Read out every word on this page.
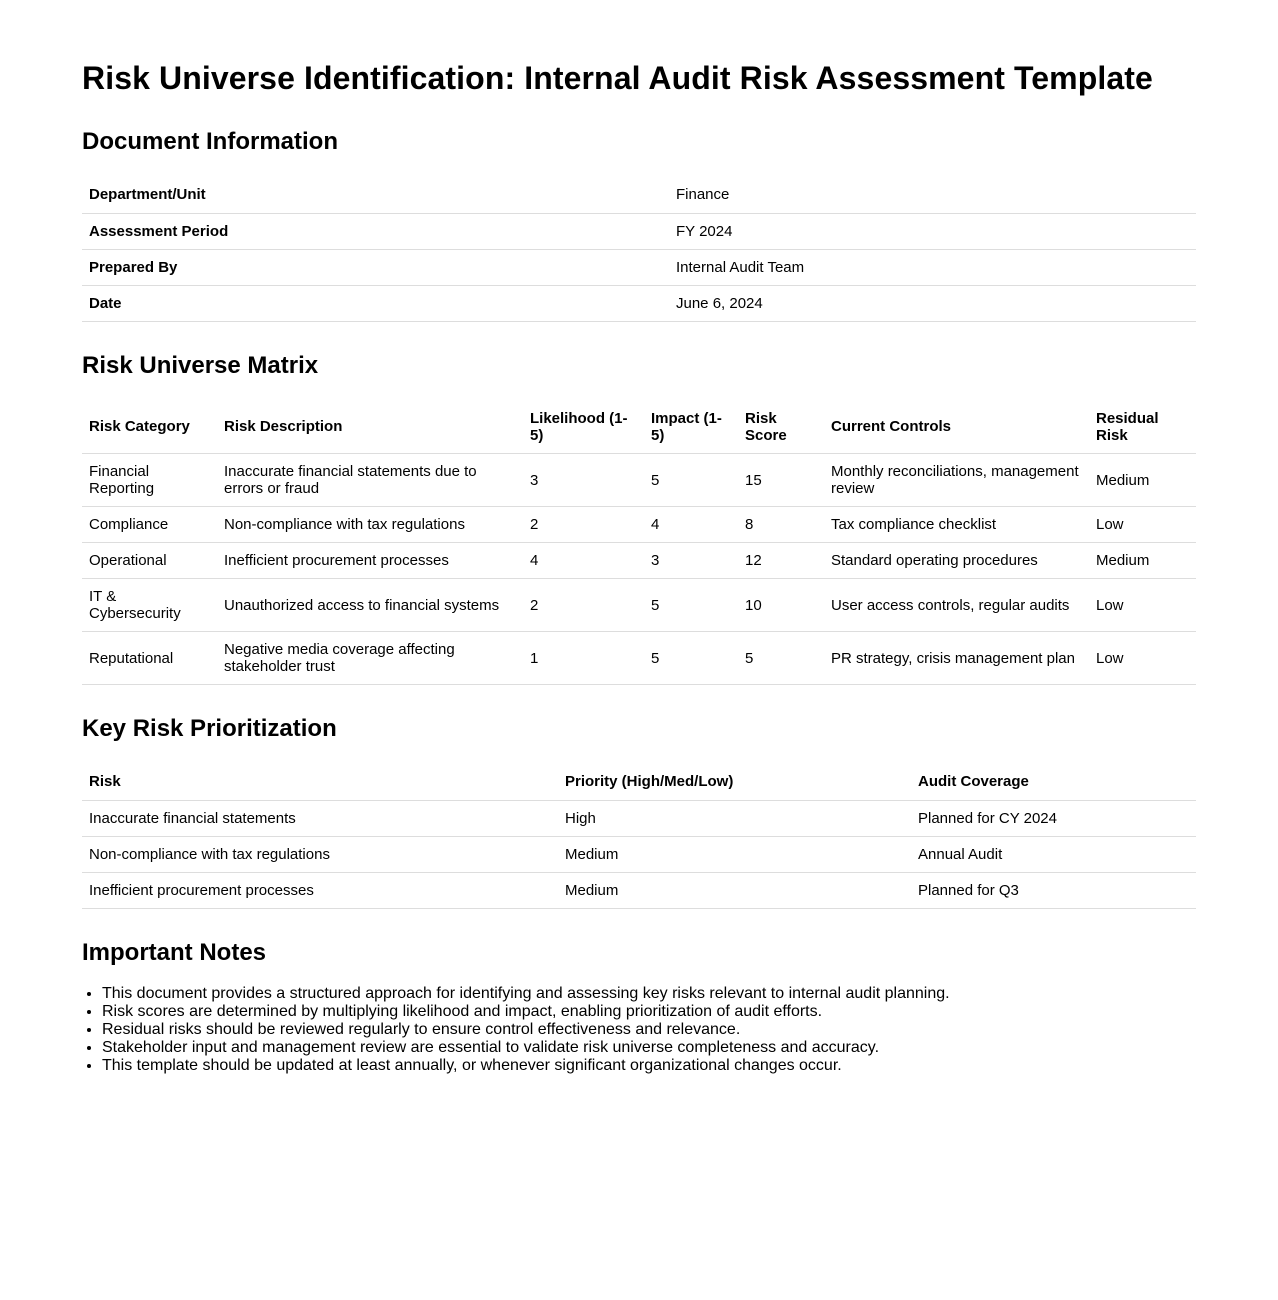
Risk Universe Identification: Internal Audit Risk Assessment Template
Document Information
Department/Unit	Finance
Assessment Period	FY 2024
Prepared By	Internal Audit Team
Date	June 6, 2024
Risk Universe Matrix
Risk Category	Risk Description	Likelihood (1-5)	Impact (1-5)	Risk Score	Current Controls	Residual Risk
Financial Reporting	Inaccurate financial statements due to errors or fraud	3	5	15	Monthly reconciliations, management review	Medium
Compliance	Non-compliance with tax regulations	2	4	8	Tax compliance checklist	Low
Operational	Inefficient procurement processes	4	3	12	Standard operating procedures	Medium
IT & Cybersecurity	Unauthorized access to financial systems	2	5	10	User access controls, regular audits	Low
Reputational	Negative media coverage affecting stakeholder trust	1	5	5	PR strategy, crisis management plan	Low
Key Risk Prioritization
Risk	Priority (High/Med/Low)	Audit Coverage
Inaccurate financial statements	High	Planned for CY 2024
Non-compliance with tax regulations	Medium	Annual Audit
Inefficient procurement processes	Medium	Planned for Q3
Important Notes
• This document provides a structured approach for identifying and assessing key risks relevant to internal audit planning.
• Risk scores are determined by multiplying likelihood and impact, enabling prioritization of audit efforts.
• Residual risks should be reviewed regularly to ensure control effectiveness and relevance.
• Stakeholder input and management review are essential to validate risk universe completeness and accuracy.
• This template should be updated at least annually, or whenever significant organizational changes occur.
